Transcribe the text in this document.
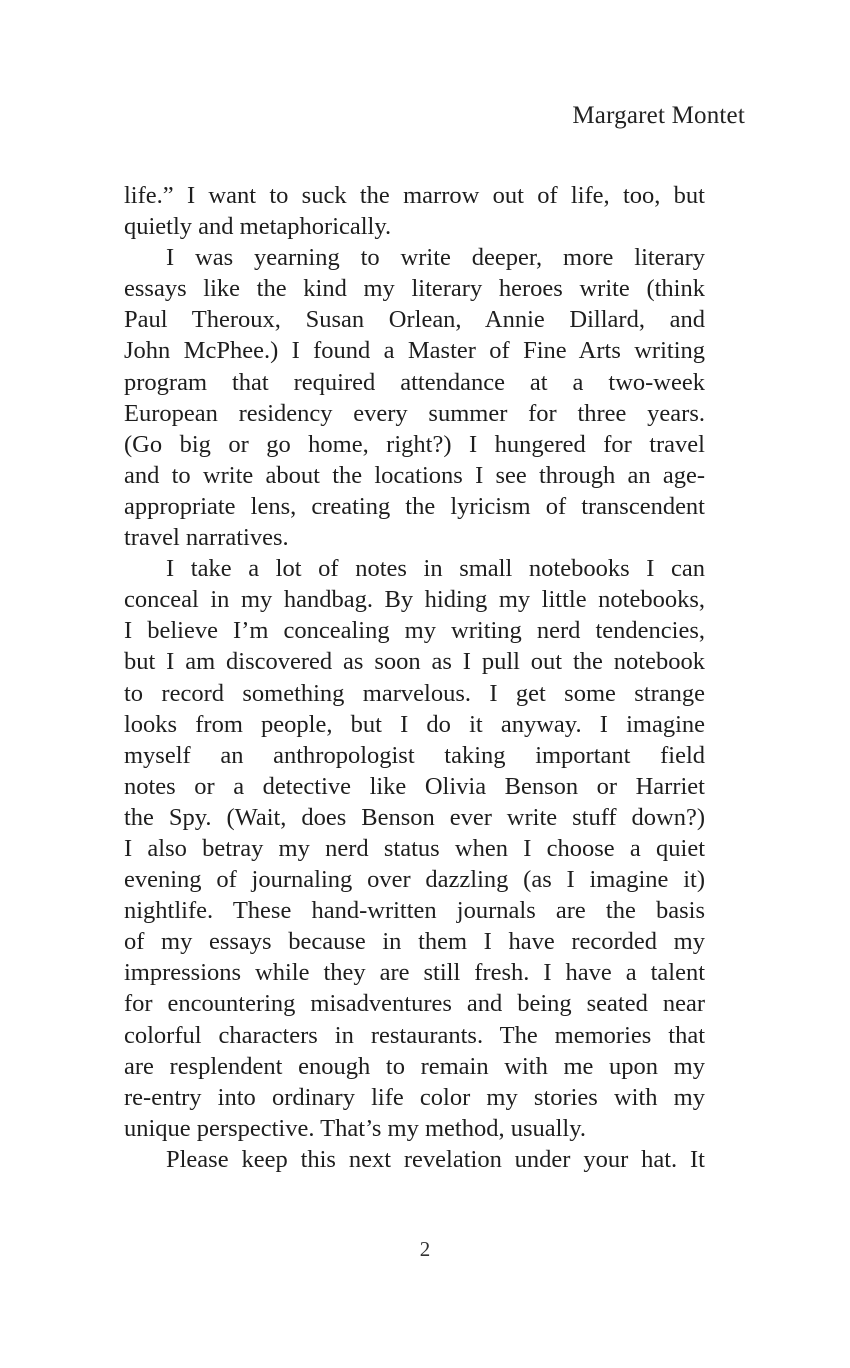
Margaret Montet
life.” I want to suck the marrow out of life, too, but
quietly and metaphorically.
I was yearning to write deeper, more literary
essays like the kind my literary heroes write (think
Paul Theroux, Susan Orlean, Annie Dillard, and
John McPhee.) I found a Master of Fine Arts writing
program that required attendance at a two-week
European residency every summer for three years.
(Go big or go home, right?) I hungered for travel
and to write about the locations I see through an age-
appropriate lens, creating the lyricism of transcendent
travel narratives.
I take a lot of notes in small notebooks I can
conceal in my handbag. By hiding my little notebooks,
I believe I’m concealing my writing nerd tendencies,
but I am discovered as soon as I pull out the notebook
to record something marvelous. I get some strange
looks from people, but I do it anyway. I imagine
myself an anthropologist taking important field
notes or a detective like Olivia Benson or Harriet
the Spy. (Wait, does Benson ever write stuff down?)
I also betray my nerd status when I choose a quiet
evening of journaling over dazzling (as I imagine it)
nightlife. These hand-written journals are the basis
of my essays because in them I have recorded my
impressions while they are still fresh. I have a talent
for encountering misadventures and being seated near
colorful characters in restaurants. The memories that
are resplendent enough to remain with me upon my
re-entry into ordinary life color my stories with my
unique perspective. That’s my method, usually.
Please keep this next revelation under your hat. It
2
